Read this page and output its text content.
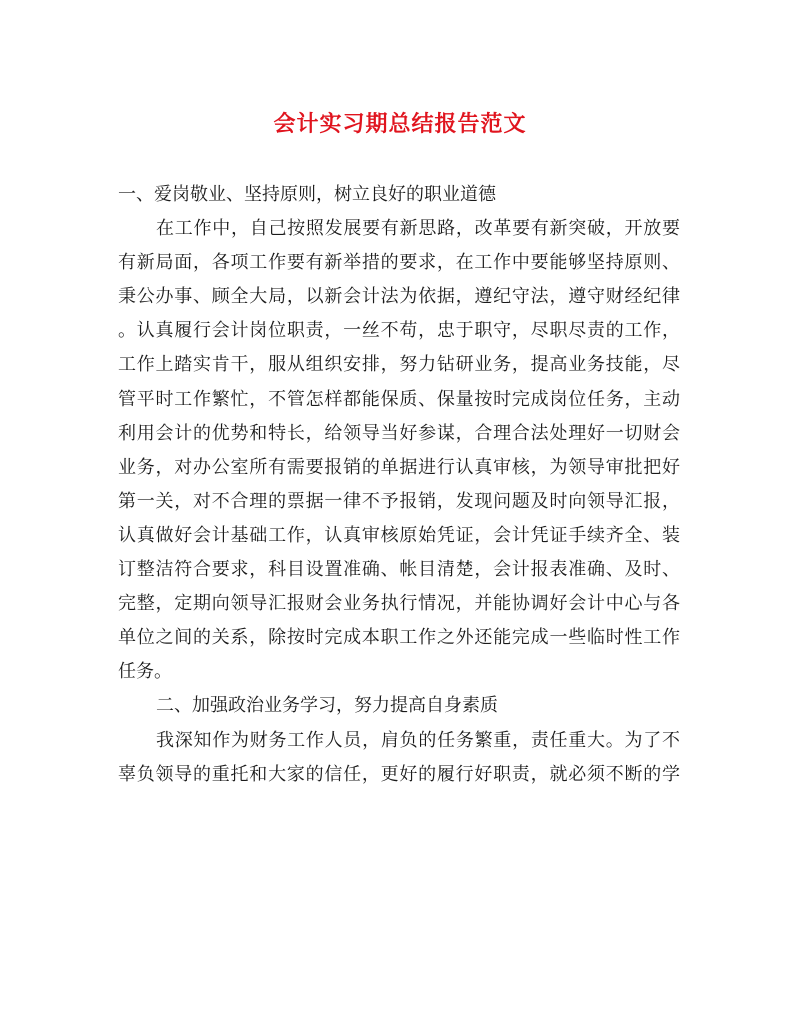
会计实习期总结报告范文
一、爱岗敬业、坚持原则，树立良好的职业道德
在工作中，自己按照发展要有新思路，改革要有新突破，开放要
有新局面，各项工作要有新举措的要求，在工作中要能够坚持原则、
秉公办事、顾全大局，以新会计法为依据，遵纪守法，遵守财经纪律
。认真履行会计岗位职责，一丝不苟，忠于职守，尽职尽责的工作，
工作上踏实肯干，服从组织安排，努力钻研业务，提高业务技能，尽
管平时工作繁忙，不管怎样都能保质、保量按时完成岗位任务，主动
利用会计的优势和特长，给领导当好参谋，合理合法处理好一切财会
业务，对办公室所有需要报销的单据进行认真审核，为领导审批把好
第一关，对不合理的票据一律不予报销，发现问题及时向领导汇报，
认真做好会计基础工作，认真审核原始凭证，会计凭证手续齐全、装
订整洁符合要求，科目设置准确、帐目清楚，会计报表准确、及时、
完整，定期向领导汇报财会业务执行情况，并能协调好会计中心与各
单位之间的关系，除按时完成本职工作之外还能完成一些临时性工作
任务。
二、加强政治业务学习，努力提高自身素质
我深知作为财务工作人员，肩负的任务繁重，责任重大。为了不
辜负领导的重托和大家的信任，更好的履行好职责，就必须不断的学
